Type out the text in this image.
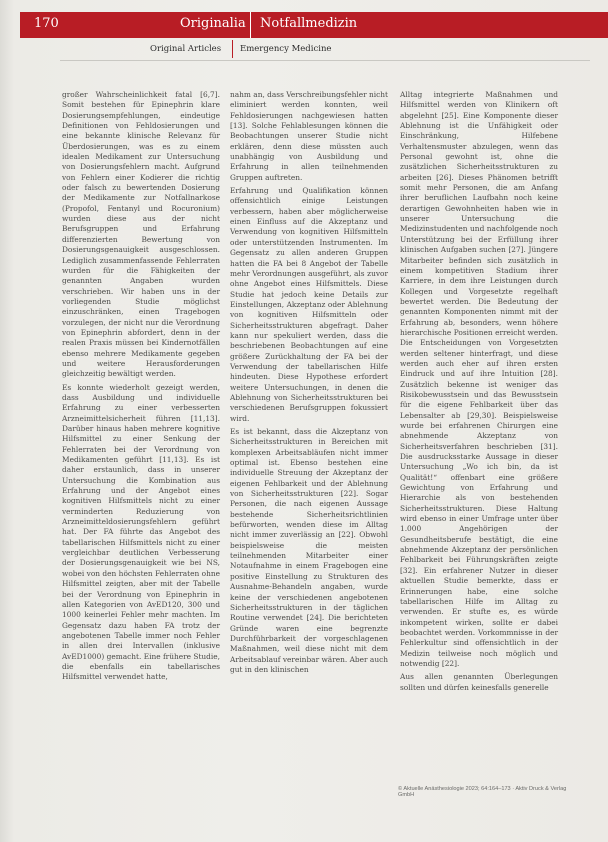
170	Originalia Notfallmedizin
Original Articles Emergency Medicine

großer Wahrscheinlichkeit fatal [6,7]. Somit bestehen für Epinephrin klare Dosierungsempfehlungen, eindeutige Definitionen von Fehldosierungen und eine bekannte klinische Relevanz für Überdosierungen, was es zu einem idealen Medikament zur Untersuchung von Dosierungsfehlern macht. Aufgrund von Fehlern einer Kodierer die richtig oder falsch zu bewertenden Dosierung der Medikamente zur Notfallnarkose (Propofol, Fentanyl und Rocuronium) wurden diese aus der nicht Berufsgruppen und Erfahrung differenzierten Bewertung von Dosierungsgenauigkeit ausgeschlossen. Lediglich zusammenfassende Fehlerraten wurden für die Fähigkeiten der genannten Angaben wurden verschrieben. Wir haben uns in der vorliegenden Studie möglichst einzuschränken, einen Tragebogen vorzulegen, der nicht nur die Verordnung von Epinephrin abfordert, denn in der realen Praxis müssen bei Kindernotfällen ebenso mehrere Medikamente gegeben und weitere Herausforderungen gleichzeitig bewältigt werden.

Es konnte wiederholt gezeigt werden, dass Ausbildung und individuelle Erfahrung zu einer verbesserten Arzneimittelsicherheit führen [11,13]. Darüber hinaus haben mehrere kognitive Hilfsmittel zu einer Senkung der Fehlerraten bei der Verordnung von Medikamenten geführt [11,13]. Es ist daher erstaunlich, dass in unserer Untersuchung die Kombination aus Erfahrung und der Angebot eines kognitiven Hilfsmittels nicht zu einer verminderten Reduzierung von Arzneimitteldosierungsfehlern geführt hat. Der FA führte das Angebot des tabellarischen Hilfsmittels nicht zu einer vergleichbar deutlichen Verbesserung der Dosierungsgenauigkeit wie bei NS, wobei von den höchsten Fehlerraten ohne Hilfsmittel zeigten, aber mit der Tabelle bei der Verordnung von Epinephrin in allen Kategorien von AvED120, 300 und 1000 keinerlei Fehler mehr machten. Im Gegensatz dazu haben FA trotz der angebotenen Tabelle immer noch Fehler in allen drei Intervallen (inklusive AvED1000) gemacht. Eine frühere Studie, die ebenfalls ein tabellarisches Hilfsmittel verwendet hatte,

nahm an, dass Verschreibungsfehler nicht eliminiert werden konnten, weil Fehldosierungen nachgewiesen hatten [13]. Solche Fehlablesungen können die Beobachtungen unserer Studie nicht erklären, denn diese müssten auch unabhängig von Ausbildung und Erfahrung in allen teilnehmenden Gruppen auftreten.

Erfahrung und Qualifikation können offensichtlich einige Leistungen verbessern, haben aber möglicherweise einen Einfluss auf die Akzeptanz und Verwendung von kognitiven Hilfsmitteln oder unterstützenden Instrumenten. Im Gegensatz zu allen anderen Gruppen hatten die FA bei 8 Angebot der Tabelle mehr Verordnungen ausgeführt, als zuvor ohne Angebot eines Hilfsmittels. Diese Studie hat jedoch keine Details zur Einstellungen, Akzeptanz oder Ablehnung von kognitiven Hilfsmitteln oder Sicherheitsstrukturen abgefragt. Daher kann nur spekuliert werden, dass die beschriebenen Beobachtungen auf eine größere Zurückhaltung der FA bei der Verwendung der tabellarischen Hilfe hindeuten. Diese Hypothese erfordert weitere Untersuchungen, in denen die Ablehnung von Sicherheitsstrukturen bei verschiedenen Berufsgruppen fokussiert wird.

Es ist bekannt, dass die Akzeptanz von Sicherheitsstrukturen in Bereichen mit komplexen Arbeitsabläufen nicht immer optimal ist. Ebenso bestehen eine individuelle Streuung der Akzeptanz der eigenen Fehlbarkeit und der Ablehnung von Sicherheitsstrukturen [22]. Sogar Personen, die nach eigenen Aussage bestehende Sicherheitsrichtlinien befürworten, wenden diese im Alltag nicht immer zuverlässig an [22]. Obwohl beispielsweise die meisten teilnehmenden Mitarbeiter einer Notaufnahme in einem Fragebogen eine positive Einstellung zu Strukturen des Ausnahme-Behandeln angaben, wurde keine der verschiedenen angebotenen Sicherheitsstrukturen in der täglichen Routine verwendet [24]. Die berichteten Gründe waren eine begrenzte Durchführbarkeit der vorgeschlagenen Maßnahmen, weil diese nicht mit dem Arbeitsablauf vereinbar wären. Aber auch gut in den klinischen

Alltag integrierte Maßnahmen und Hilfsmittel werden von Klinikern oft abgelehnt [25]. Eine Komponente dieser Ablehnung ist die Unfähigkeit oder Einschränkung, Hilfebene Verhaltensmuster abzulegen, wenn das Personal gewohnt ist, ohne die zusätzlichen Sicherheitsstrukturen zu arbeiten [26]. Dieses Phänomen betrifft somit mehr Personen, die am Anfang ihrer beruflichen Laufbahn noch keine derartigen Gewohnheiten haben wie in unserer Untersuchung die Medizinstudenten und nachfolgende noch Unterstützung bei der Erfüllung ihrer klinischen Aufgaben suchen [27]. Jüngere Mitarbeiter befinden sich zusätzlich in einem kompetitiven Stadium ihrer Karriere, in dem ihre Leistungen durch Kollegen und Vorgesetzte regelhaft bewertet werden. Die Bedeutung der genannten Komponenten nimmt mit der Erfahrung ab, besonders, wenn höhere hierarchische Positionen erreicht werden. Die Entscheidungen von Vorgesetzten werden seltener hinterfragt, und diese werden auch eher auf ihren ersten Eindruck und auf ihre Intuition [28]. Zusätzlich bekenne ist weniger das Risikobewusstsein und das Bewusstsein für die eigene Fehlbarkeit über das Lebensalter ab [29,30]. Beispielsweise wurde bei erfahrenen Chirurgen eine abnehmende Akzeptanz von Sicherheitsverfahren beschrieben [31]. Die ausdrucksstarke Aussage in dieser Untersuchung „Wo ich bin, da ist Qualität!“ offenbart eine größere Gewichtung von Erfahrung und Hierarchie als von bestehenden Sicherheitsstrukturen. Diese Haltung wird ebenso in einer Umfrage unter über 1.000 Angehörigen der Gesundheitsberufe bestätigt, die eine abnehmende Akzeptanz der persönlichen Fehlbarkeit bei Führungskräften zeigte [32]. Ein erfahrener Nutzer in dieser aktuellen Studie bemerkte, dass er Erinnerungen habe, eine solche tabellarischen Hilfe im Alltag zu verwenden. Er stufte es, es würde inkompetent wirken, sollte er dabei beobachtet werden. Vorkommnisse in der Fehlerkultur sind offensichtlich in der Medizin teilweise noch möglich und notwendig [22].

Aus allen genannten Überlegungen sollten und dürfen keinesfalls generelle

© Aktuelle Anästhesiologie 2023; 64:164–173 · Aktiv Druck & Verlag GmbH
